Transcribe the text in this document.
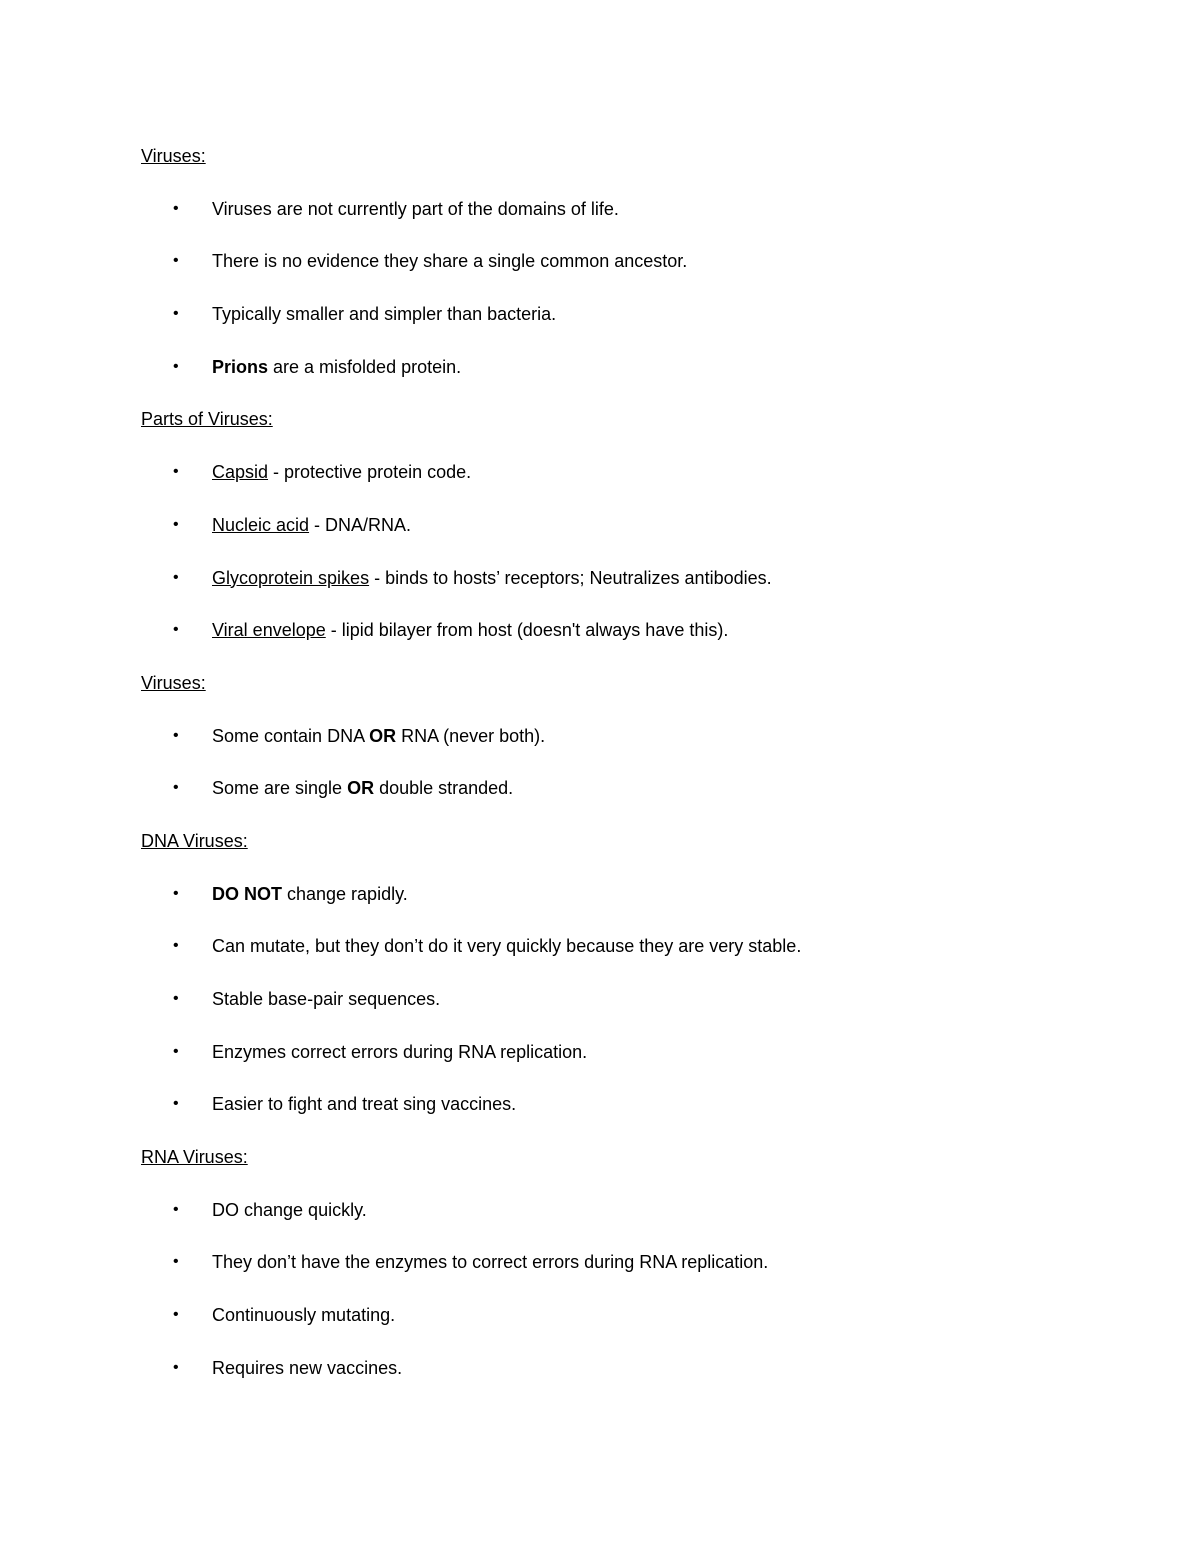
Viruses:
• Viruses are not currently part of the domains of life.
• There is no evidence they share a single common ancestor.
• Typically smaller and simpler than bacteria.
• Prions are a misfolded protein.
Parts of Viruses:
• Capsid - protective protein code.
• Nucleic acid - DNA/RNA.
• Glycoprotein spikes - binds to hosts’ receptors; Neutralizes antibodies.
• Viral envelope - lipid bilayer from host (doesn't always have this).
Viruses:
• Some contain DNA OR RNA (never both).
• Some are single OR double stranded.
DNA Viruses:
• DO NOT change rapidly.
• Can mutate, but they don’t do it very quickly because they are very stable.
• Stable base-pair sequences.
• Enzymes correct errors during RNA replication.
• Easier to fight and treat sing vaccines.
RNA Viruses:
• DO change quickly.
• They don’t have the enzymes to correct errors during RNA replication.
• Continuously mutating.
• Requires new vaccines.
